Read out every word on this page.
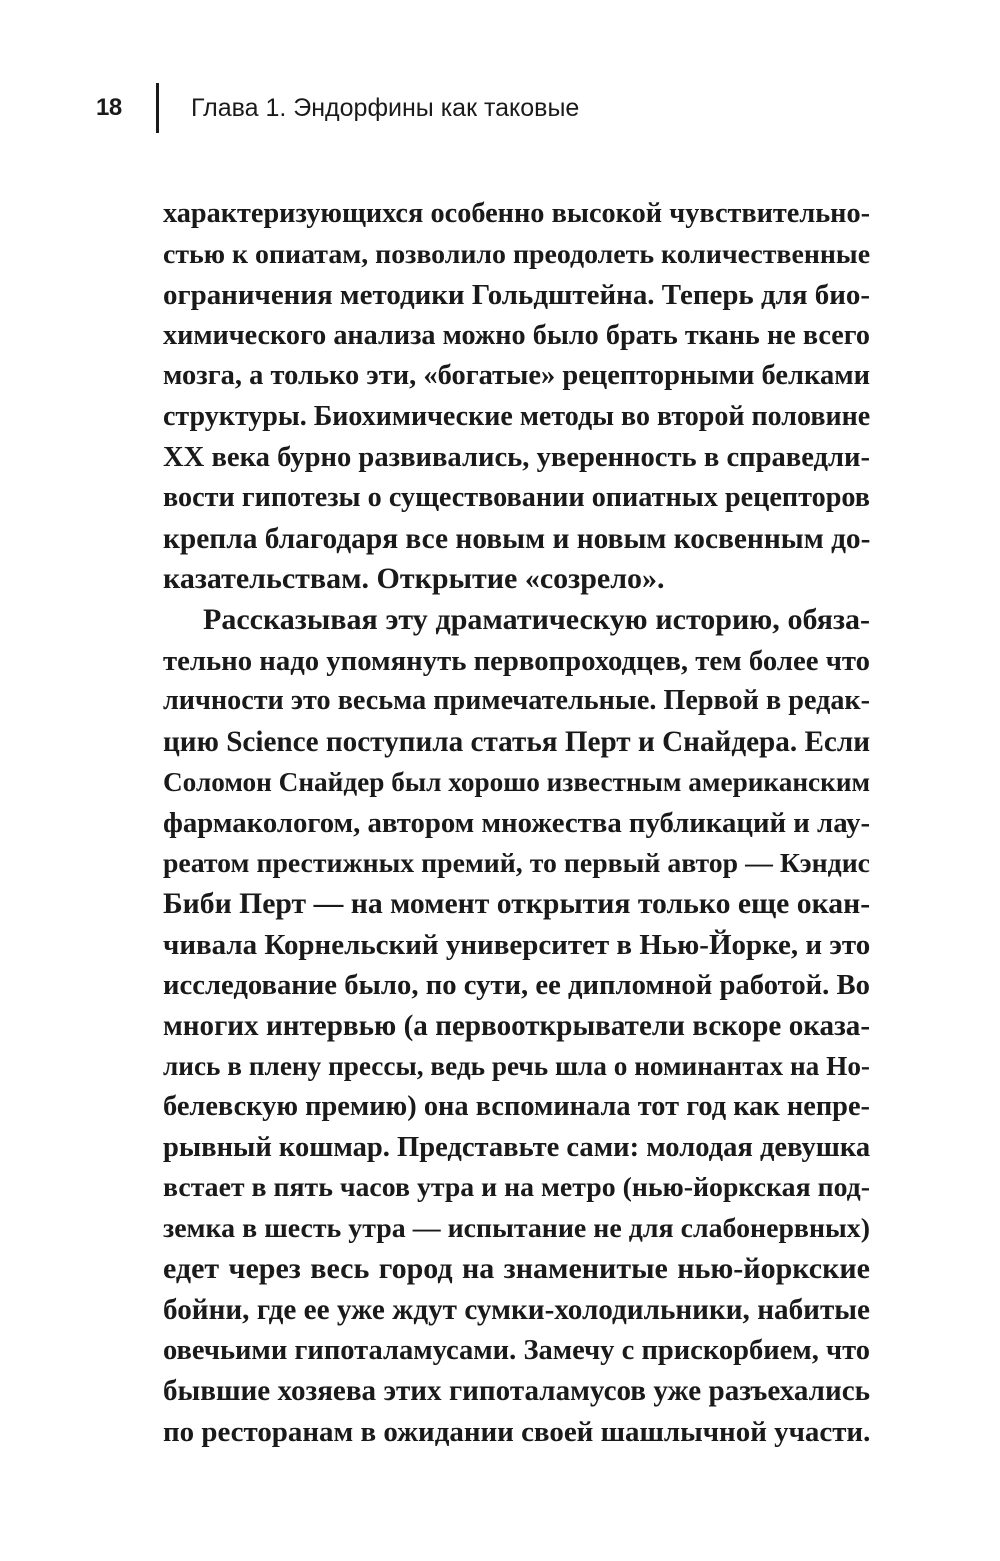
18	Глава 1. Эндорфины как таковые
характеризующихся особенно высокой чувствительно-
стью к опиатам, позволило преодолеть количественные
ограничения методики Гольдштейна. Теперь для био-
химического анализа можно было брать ткань не всего
мозга, а только эти, «богатые» рецепторными белками
структуры. Биохимические методы во второй половине
XX века бурно развивались, уверенность в справедли-
вости гипотезы о существовании опиатных рецепторов
крепла благодаря все новым и новым косвенным до-
казательствам. Открытие «созрело».
Рассказывая эту драматическую историю, обяза-
тельно надо упомянуть первопроходцев, тем более что
личности это весьма примечательные. Первой в редак-
цию Science поступила статья Перт и Снайдера. Если
Соломон Снайдер был хорошо известным американским
фармакологом, автором множества публикаций и лау-
реатом престижных премий, то первый автор — Кэндис
Биби Перт — на момент открытия только еще окан-
чивала Корнельский университет в Нью-Йорке, и это
исследование было, по сути, ее дипломной работой. Во
многих интервью (а первооткрыватели вскоре оказа-
лись в плену прессы, ведь речь шла о номинантах на Но-
белевскую премию) она вспоминала тот год как непре-
рывный кошмар. Представьте сами: молодая девушка
встает в пять часов утра и на метро (нью-йоркская под-
земка в шесть утра — испытание не для слабонервных)
едет через весь город на знаменитые нью-йоркские
бойни, где ее уже ждут сумки-холодильники, набитые
овечьими гипоталамусами. Замечу с прискорбием, что
бывшие хозяева этих гипоталамусов уже разъехались
по ресторанам в ожидании своей шашлычной участи.
